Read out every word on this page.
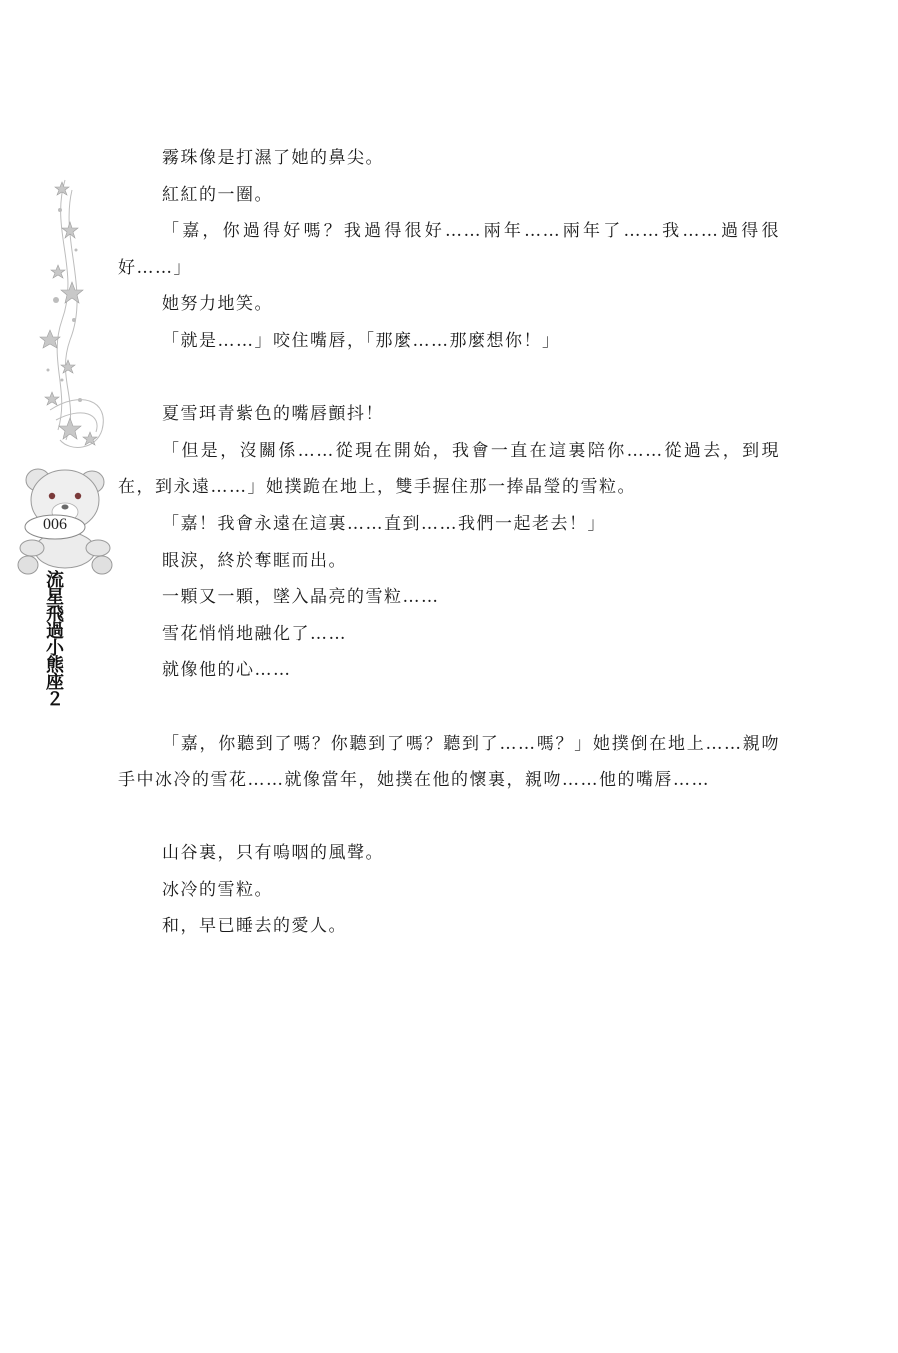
006
流
星
飛
過
小
熊
座
２

霧珠像是打濕了她的鼻尖。

紅紅的一圈。

「嘉，你過得好嗎？我過得很好……兩年……兩年了……我……過得很好……」

她努力地笑。

「就是……」咬住嘴唇，「那麼……那麼想你！」

夏雪珥青紫色的嘴唇顫抖！

「但是，沒關係……從現在開始，我會一直在這裏陪你……從過去，到現在，到永遠……」她撲跪在地上，雙手握住那一捧晶瑩的雪粒。

「嘉！我會永遠在這裏……直到……我們一起老去！」

眼淚，終於奪眶而出。

一顆又一顆，墜入晶亮的雪粒……

雪花悄悄地融化了……

就像他的心……

「嘉，你聽到了嗎？你聽到了嗎？聽到了……嗎？」她撲倒在地上……親吻手中冰冷的雪花……就像當年，她撲在他的懷裏，親吻……他的嘴唇……

山谷裏，只有嗚咽的風聲。

冰冷的雪粒。

和，早已睡去的愛人。
